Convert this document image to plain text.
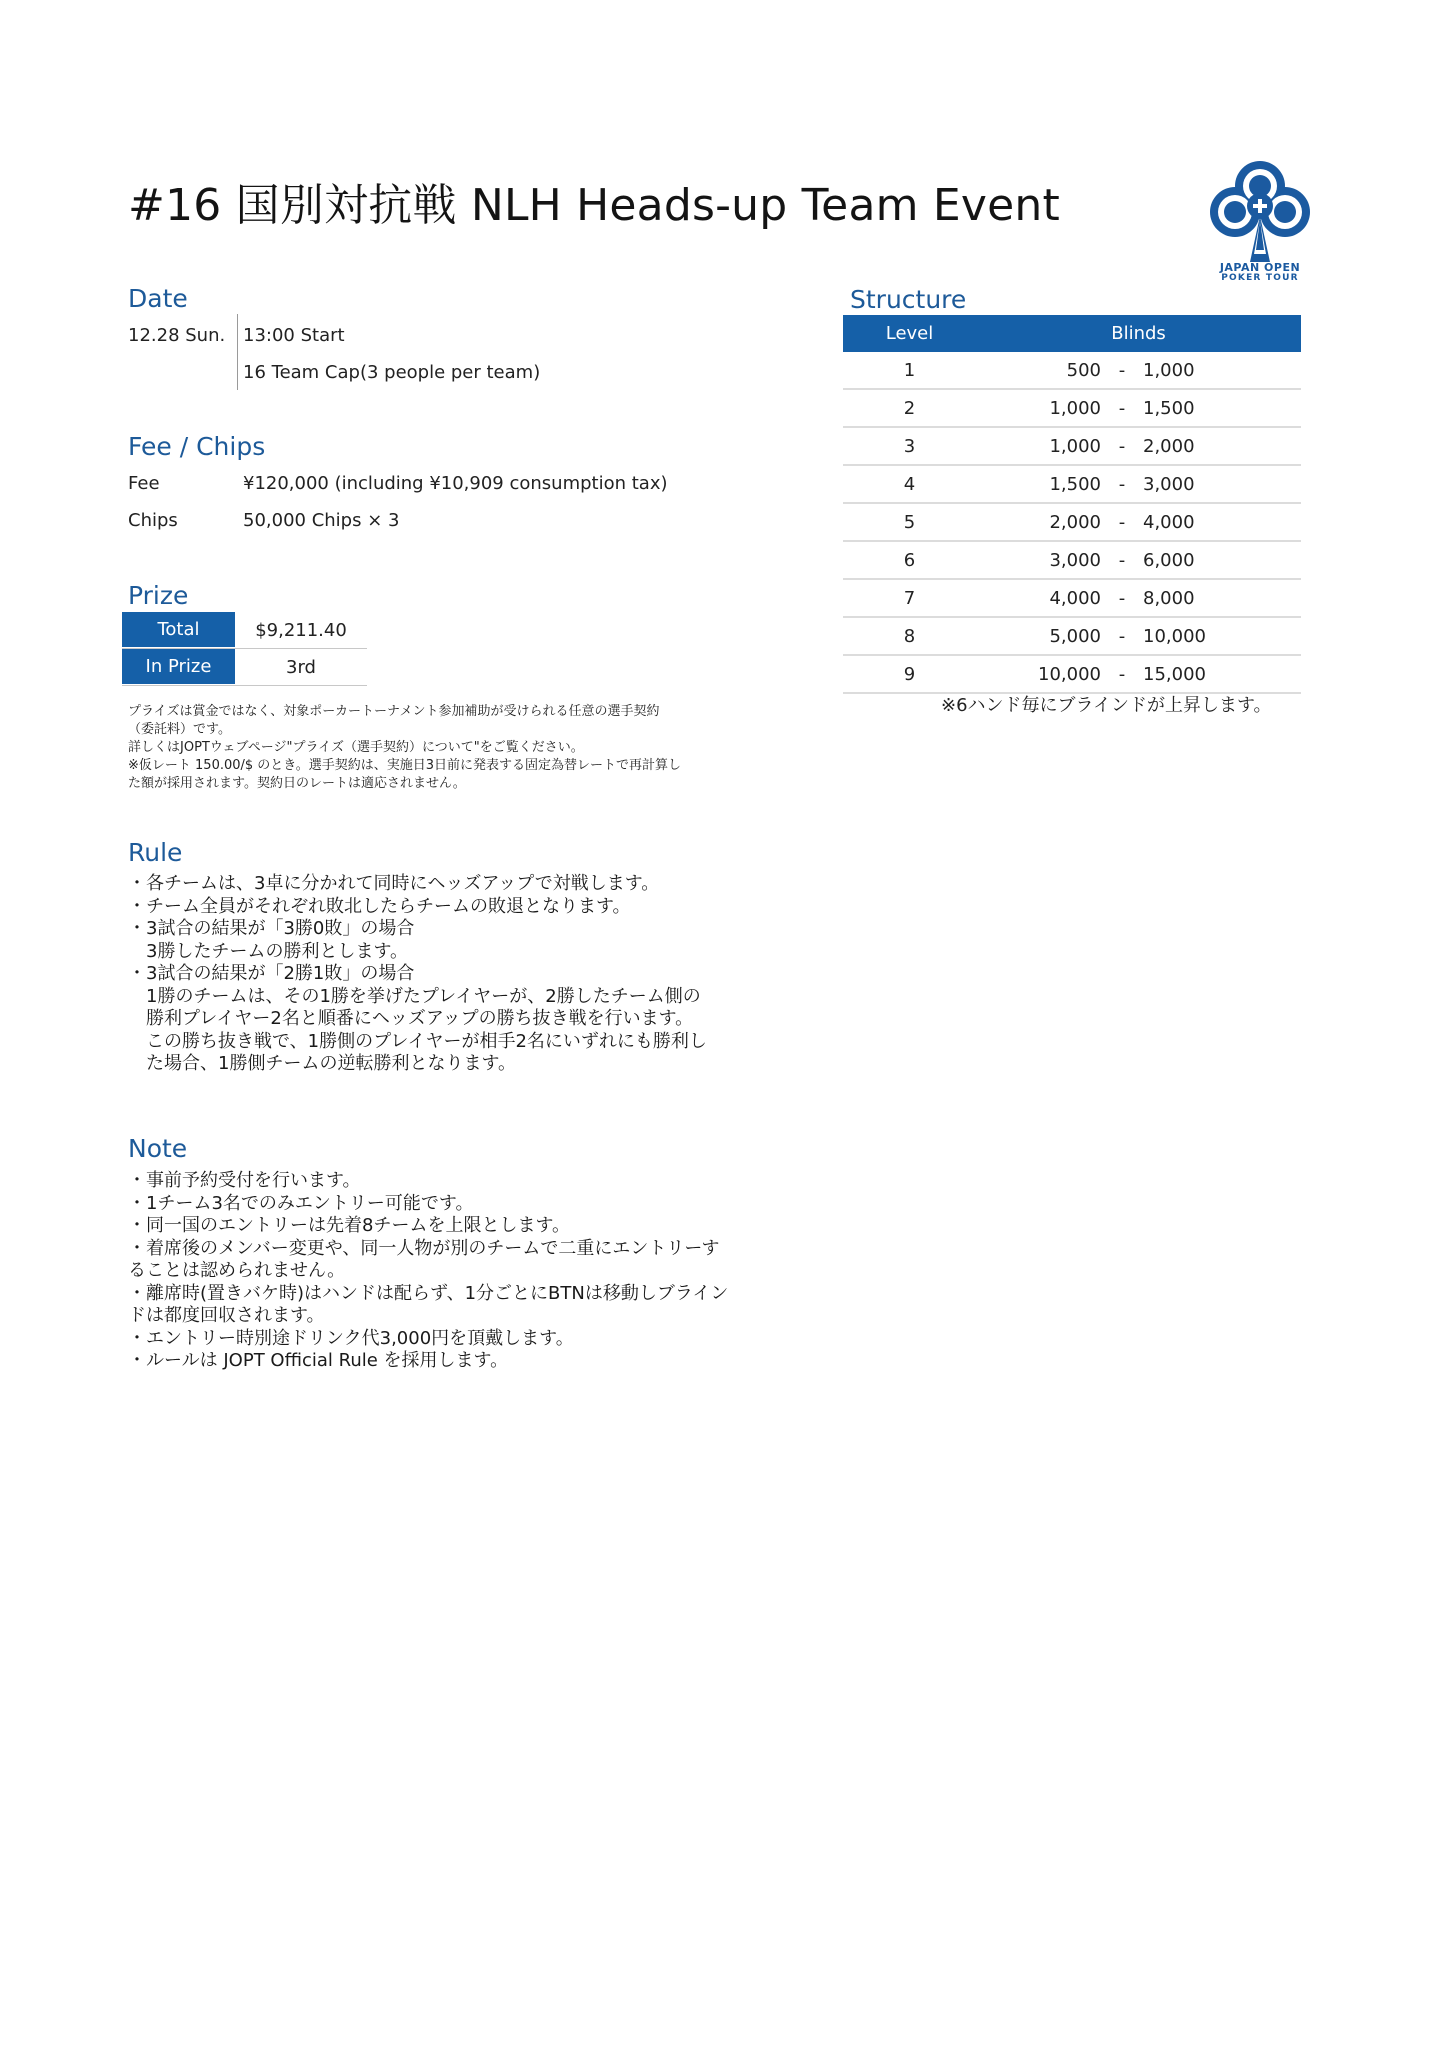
#16 国別対抗戦 NLH Heads-up Team Event
JAPAN OPEN
POKER TOUR
Date
12.28 Sun. 13:00 Start
16 Team Cap(3 people per team)
Fee / Chips
Fee	¥120,000 (including ¥10,909 consumption tax)
Chips	50,000 Chips × 3
Prize
Total	$9,211.40
In Prize	3rd
プライズは賞金ではなく、対象ポーカートーナメント参加補助が受けられる任意の選手契約
（委託料）です。
詳しくはJOPTウェブページ"プライズ（選手契約）について"をご覧ください。
※仮レート 150.00/$ のとき。選手契約は、実施日3日前に発表する固定為替レートで再計算し
た額が採用されます。契約日のレートは適応されません。
Rule
・各チームは、3卓に分かれて同時にヘッズアップで対戦します。
・チーム全員がそれぞれ敗北したらチームの敗退となります。
・3試合の結果が「3勝0敗」の場合
　3勝したチームの勝利とします。
・3試合の結果が「2勝1敗」の場合
　1勝のチームは、その1勝を挙げたプレイヤーが、2勝したチーム側の
　勝利プレイヤー2名と順番にヘッズアップの勝ち抜き戦を行います。
　この勝ち抜き戦で、1勝側のプレイヤーが相手2名にいずれにも勝利し
　た場合、1勝側チームの逆転勝利となります。
Note
・事前予約受付を行います。
・1チーム3名でのみエントリー可能です。
・同一国のエントリーは先着8チームを上限とします。
・着席後のメンバー変更や、同一人物が別のチームで二重にエントリーす
ることは認められません。
・離席時(置きバケ時)はハンドは配らず、1分ごとにBTNは移動しブライン
ドは都度回収されます。
・エントリー時別途ドリンク代3,000円を頂戴します。
・ルールは JOPT Official Rule を採用します。
Structure
Level	Blinds
1	500 - 1,000
2	1,000 - 1,500
3	1,000 - 2,000
4	1,500 - 3,000
5	2,000 - 4,000
6	3,000 - 6,000
7	4,000 - 8,000
8	5,000 - 10,000
9	10,000 - 15,000
※6ハンド毎にブラインドが上昇します。
